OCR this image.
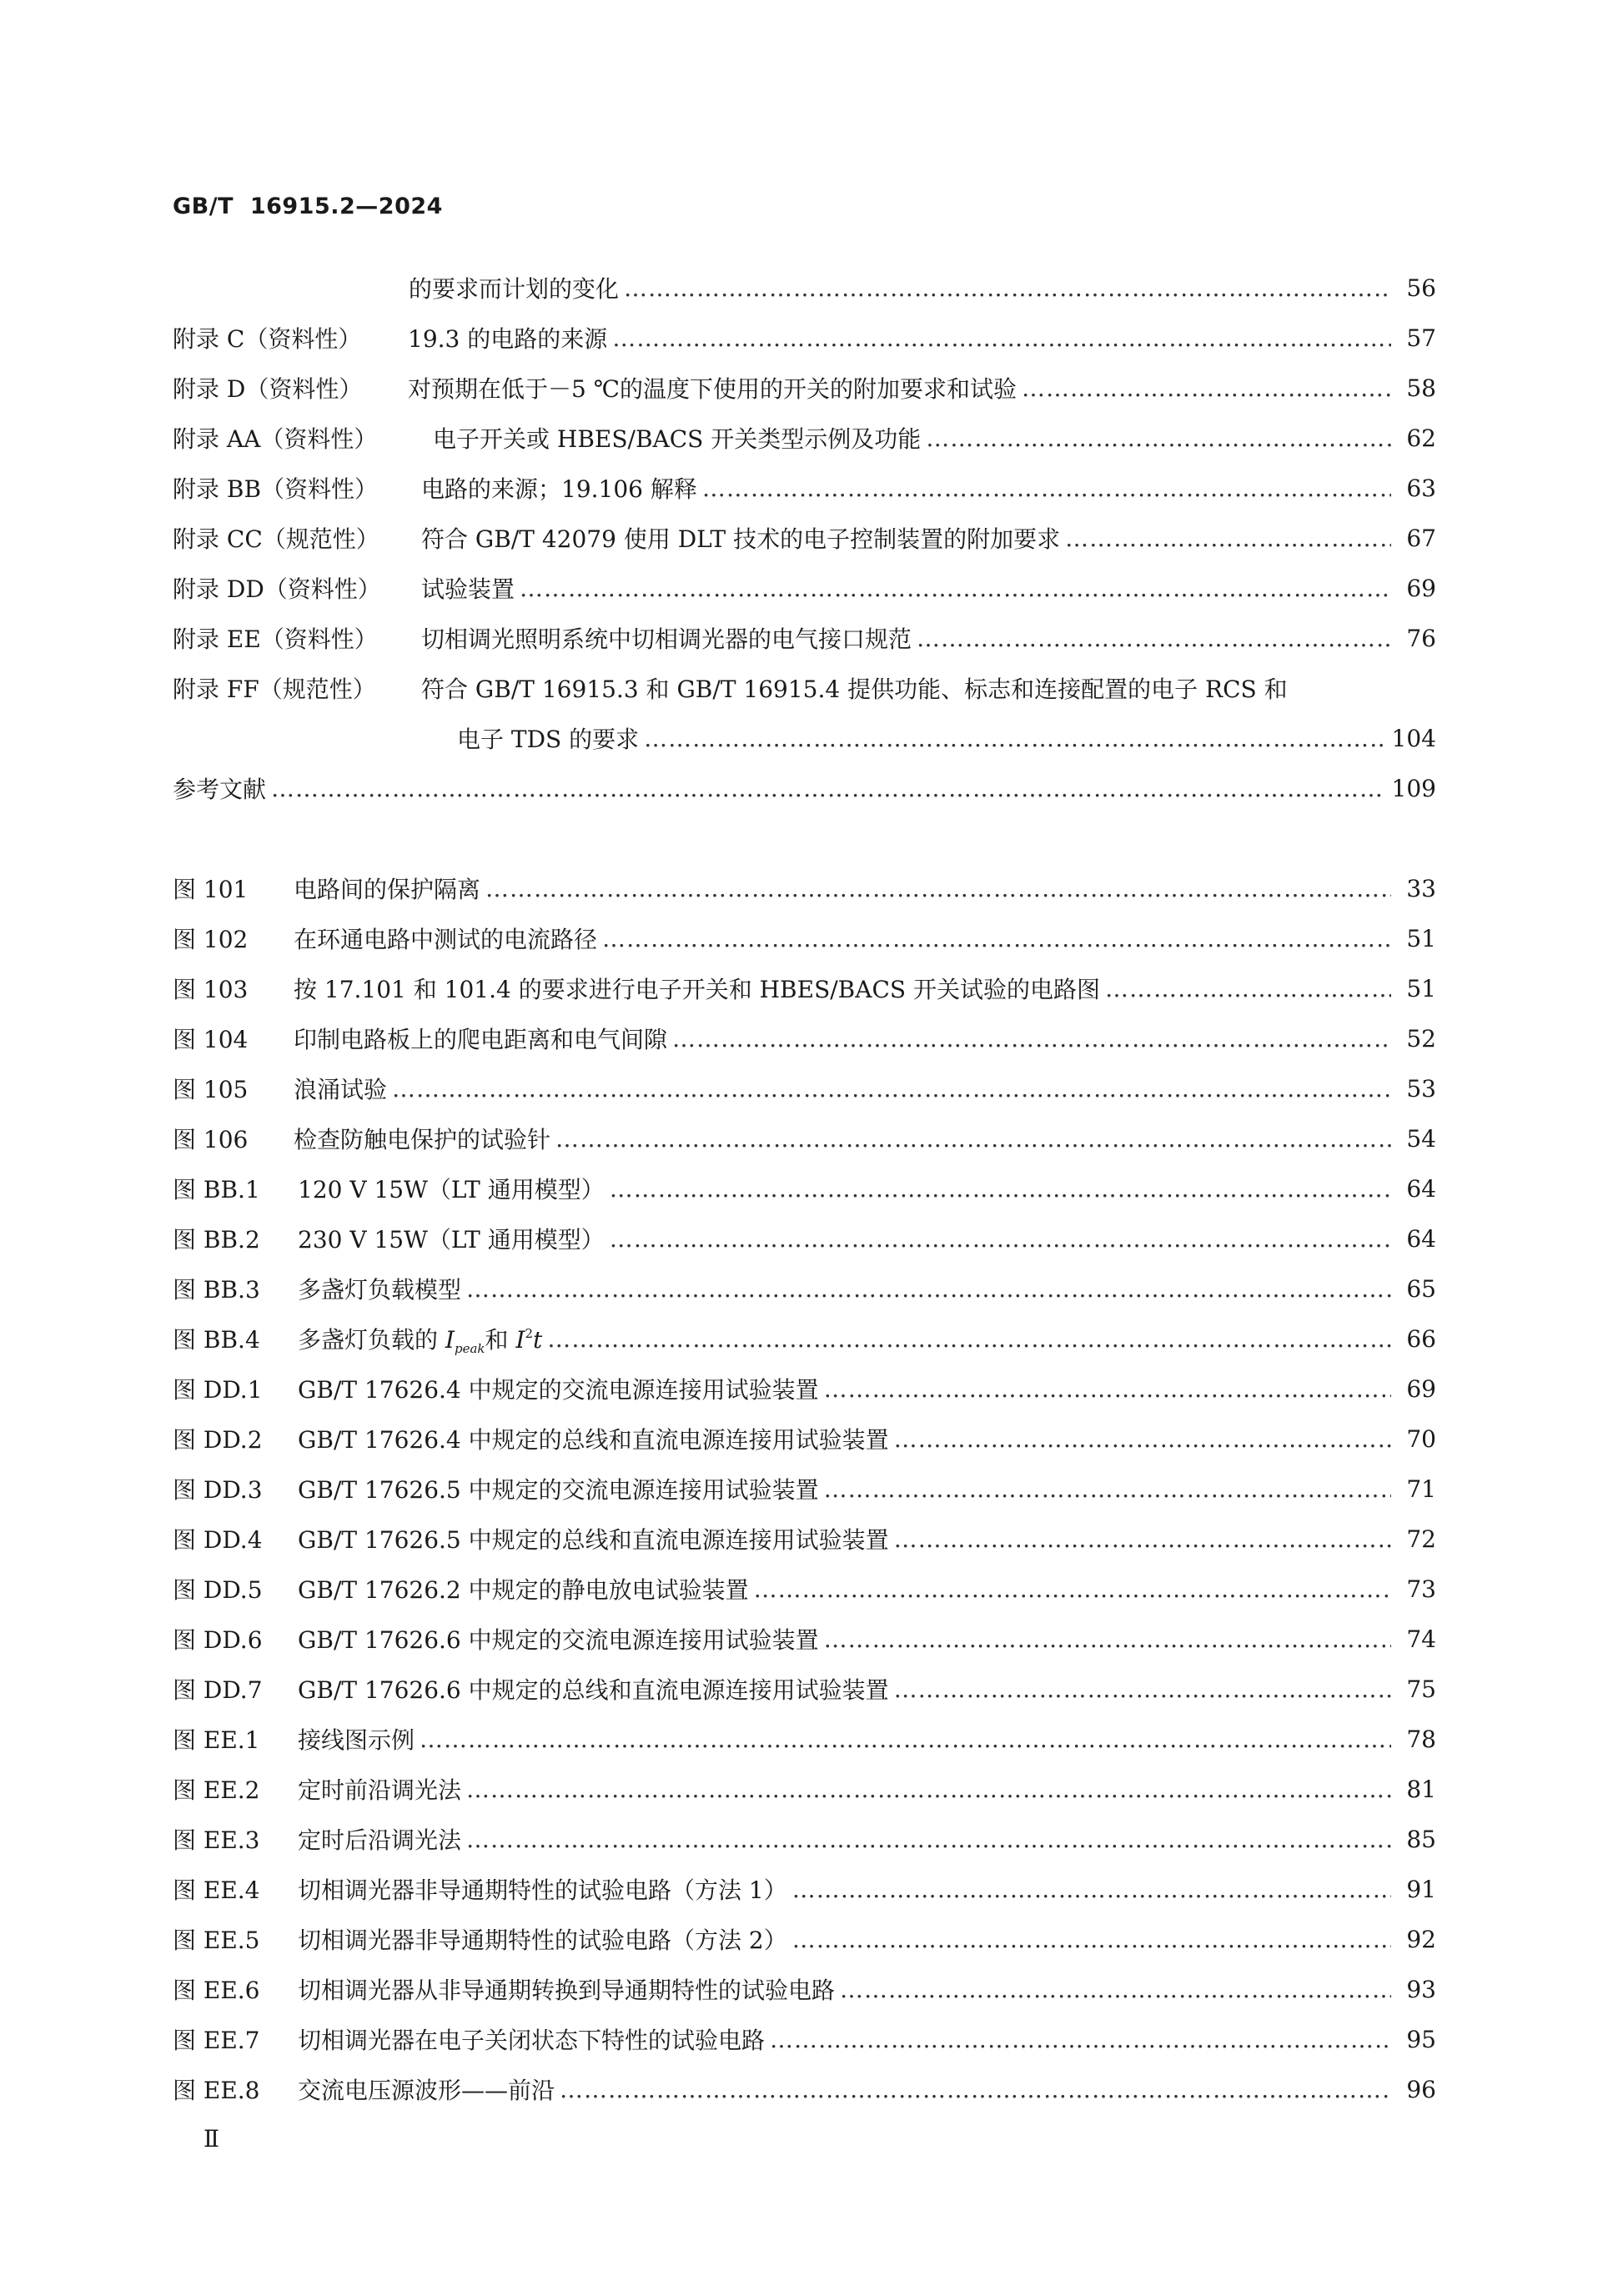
GB/T  16915.2—2024
的要求而计划的变化 ………………………………………………………………………………………………………………………………………………………………………………………………………………………………	56
附录 C（资料性）	19.3 的电路的来源 ………………………………………………………………………………………………………………………………………………………………………………………………………………………………	57
附录 D（资料性）	对预期在低于－5 ℃的温度下使用的开关的附加要求和试验 ………………………………………………………………………………………………………………………………………………………………………………………………………………………………	58
附录 AA（资料性）	电子开关或 HBES/BACS 开关类型示例及功能 ………………………………………………………………………………………………………………………………………………………………………………………………………………………………	62
附录 BB（资料性）	电路的来源；19.106 解释 ………………………………………………………………………………………………………………………………………………………………………………………………………………………………	63
附录 CC（规范性）	符合 GB/T 42079 使用 DLT 技术的电子控制装置的附加要求 ………………………………………………………………………………………………………………………………………………………………………………………………………………………………	67
附录 DD（资料性）	试验装置 ………………………………………………………………………………………………………………………………………………………………………………………………………………………………	69
附录 EE（资料性）	切相调光照明系统中切相调光器的电气接口规范 ………………………………………………………………………………………………………………………………………………………………………………………………………………………………	76
附录 FF（规范性）	符合 GB/T 16915.3 和 GB/T 16915.4 提供功能、标志和连接配置的电子 RCS 和
电子 TDS 的要求 ………………………………………………………………………………………………………………………………………………………………………………………………………………………………	104
参考文献 ………………………………………………………………………………………………………………………………………………………………………………………………………………………………	109
图 101	电路间的保护隔离 ………………………………………………………………………………………………………………………………………………………………………………………………………………………………	33
图 102	在环通电路中测试的电流路径 ………………………………………………………………………………………………………………………………………………………………………………………………………………………………	51
图 103	按 17.101 和 101.4 的要求进行电子开关和 HBES/BACS 开关试验的电路图 ………………………………………………………………………………………………………………………………………………………………………………………………………………………………	51
图 104	印制电路板上的爬电距离和电气间隙 ………………………………………………………………………………………………………………………………………………………………………………………………………………………………	52
图 105	浪涌试验 ………………………………………………………………………………………………………………………………………………………………………………………………………………………………	53
图 106	检查防触电保护的试验针 ………………………………………………………………………………………………………………………………………………………………………………………………………………………………	54
图 BB.1	120 V 15W（LT 通用模型） ………………………………………………………………………………………………………………………………………………………………………………………………………………………………	64
图 BB.2	230 V 15W（LT 通用模型） ………………………………………………………………………………………………………………………………………………………………………………………………………………………………	64
图 BB.3	多盏灯负载模型 ………………………………………………………………………………………………………………………………………………………………………………………………………………………………	65
图 BB.4	多盏灯负载的 $I_{peak}$和 $I^2t$ ………………………………………………………………………………………………………………………………………………………………………………………………………………………………	66
图 DD.1	GB/T 17626.4 中规定的交流电源连接用试验装置 ………………………………………………………………………………………………………………………………………………………………………………………………………………………………	69
图 DD.2	GB/T 17626.4 中规定的总线和直流电源连接用试验装置 ………………………………………………………………………………………………………………………………………………………………………………………………………………………………	70
图 DD.3	GB/T 17626.5 中规定的交流电源连接用试验装置 ………………………………………………………………………………………………………………………………………………………………………………………………………………………………	71
图 DD.4	GB/T 17626.5 中规定的总线和直流电源连接用试验装置 ………………………………………………………………………………………………………………………………………………………………………………………………………………………………	72
图 DD.5	GB/T 17626.2 中规定的静电放电试验装置 ………………………………………………………………………………………………………………………………………………………………………………………………………………………………	73
图 DD.6	GB/T 17626.6 中规定的交流电源连接用试验装置 ………………………………………………………………………………………………………………………………………………………………………………………………………………………………	74
图 DD.7	GB/T 17626.6 中规定的总线和直流电源连接用试验装置 ………………………………………………………………………………………………………………………………………………………………………………………………………………………………	75
图 EE.1	接线图示例 ………………………………………………………………………………………………………………………………………………………………………………………………………………………………	78
图 EE.2	定时前沿调光法 ………………………………………………………………………………………………………………………………………………………………………………………………………………………………	81
图 EE.3	定时后沿调光法 ………………………………………………………………………………………………………………………………………………………………………………………………………………………………	85
图 EE.4	切相调光器非导通期特性的试验电路（方法 1） ………………………………………………………………………………………………………………………………………………………………………………………………………………………………	91
图 EE.5	切相调光器非导通期特性的试验电路（方法 2） ………………………………………………………………………………………………………………………………………………………………………………………………………………………………	92
图 EE.6	切相调光器从非导通期转换到导通期特性的试验电路 ………………………………………………………………………………………………………………………………………………………………………………………………………………………………	93
图 EE.7	切相调光器在电子关闭状态下特性的试验电路 ………………………………………………………………………………………………………………………………………………………………………………………………………………………………	95
图 EE.8	交流电压源波形——前沿 ………………………………………………………………………………………………………………………………………………………………………………………………………………………………	96
Ⅱ
